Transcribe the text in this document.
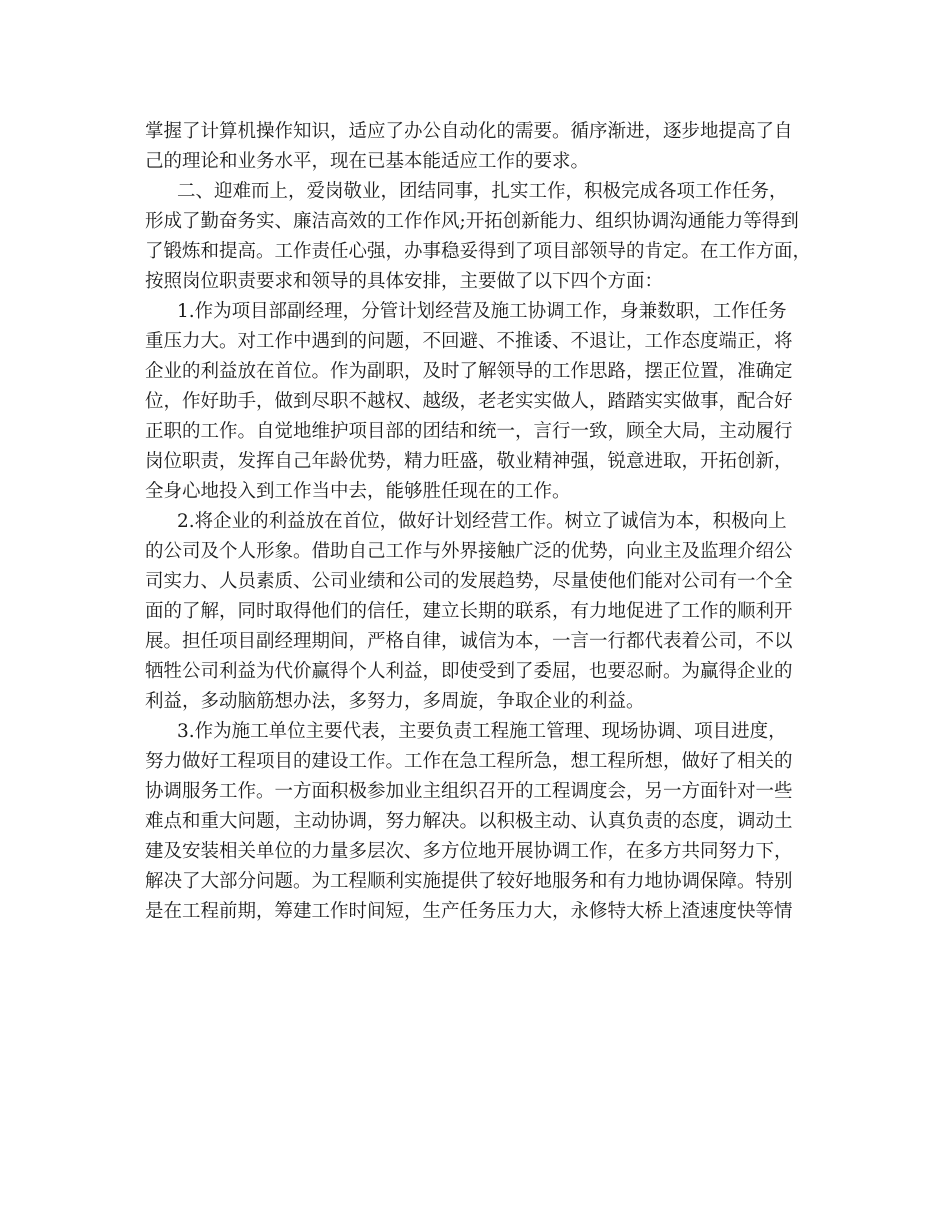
掌握了计算机操作知识，适应了办公自动化的需要。循序渐进，逐步地提高了自
己的理论和业务水平，现在已基本能适应工作的要求。
二、迎难而上，爱岗敬业，团结同事，扎实工作，积极完成各项工作任务，
形成了勤奋务实、廉洁高效的工作作风;开拓创新能力、组织协调沟通能力等得到
了锻炼和提高。工作责任心强，办事稳妥得到了项目部领导的肯定。在工作方面，
按照岗位职责要求和领导的具体安排，主要做了以下四个方面：
1.作为项目部副经理，分管计划经营及施工协调工作，身兼数职，工作任务
重压力大。对工作中遇到的问题，不回避、不推诿、不退让，工作态度端正，将
企业的利益放在首位。作为副职，及时了解领导的工作思路，摆正位置，准确定
位，作好助手，做到尽职不越权、越级，老老实实做人，踏踏实实做事，配合好
正职的工作。自觉地维护项目部的团结和统一，言行一致，顾全大局，主动履行
岗位职责，发挥自己年龄优势，精力旺盛，敬业精神强，锐意进取，开拓创新，
全身心地投入到工作当中去，能够胜任现在的工作。
2.将企业的利益放在首位，做好计划经营工作。树立了诚信为本，积极向上
的公司及个人形象。借助自己工作与外界接触广泛的优势，向业主及监理介绍公
司实力、人员素质、公司业绩和公司的发展趋势，尽量使他们能对公司有一个全
面的了解，同时取得他们的信任，建立长期的联系，有力地促进了工作的顺利开
展。担任项目副经理期间，严格自律，诚信为本，一言一行都代表着公司，不以
牺牲公司利益为代价赢得个人利益，即使受到了委屈，也要忍耐。为赢得企业的
利益，多动脑筋想办法，多努力，多周旋，争取企业的利益。
3.作为施工单位主要代表，主要负责工程施工管理、现场协调、项目进度，
努力做好工程项目的建设工作。工作在急工程所急，想工程所想，做好了相关的
协调服务工作。一方面积极参加业主组织召开的工程调度会，另一方面针对一些
难点和重大问题，主动协调，努力解决。以积极主动、认真负责的态度，调动土
建及安装相关单位的力量多层次、多方位地开展协调工作，在多方共同努力下，
解决了大部分问题。为工程顺利实施提供了较好地服务和有力地协调保障。特别
是在工程前期，筹建工作时间短，生产任务压力大，永修特大桥上渣速度快等情
